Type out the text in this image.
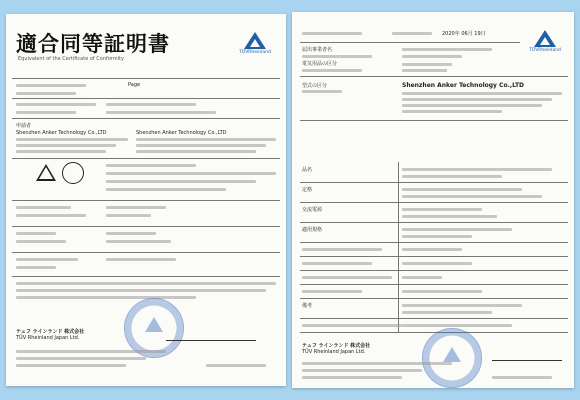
適合同等証明書
Equivalent of the Certificate of Conformity
TÜVRheinland
Page
申請者
Shenzhen Anker Technology Co.,LTD	Shenzhen Anker Technology Co.,LTD
テュフ ラインランド 株式会社
TÜV Rheinland Japan Ltd.
TÜVRheinland
2020年 06月 19日
届出事業者名
電気用品の区分
型式の区分	Shenzhen Anker Technology Co.,LTD
品名
定格
交流電源
適用規格
備考
テュフ ラインランド 株式会社
TÜV Rheinland Japan Ltd.
